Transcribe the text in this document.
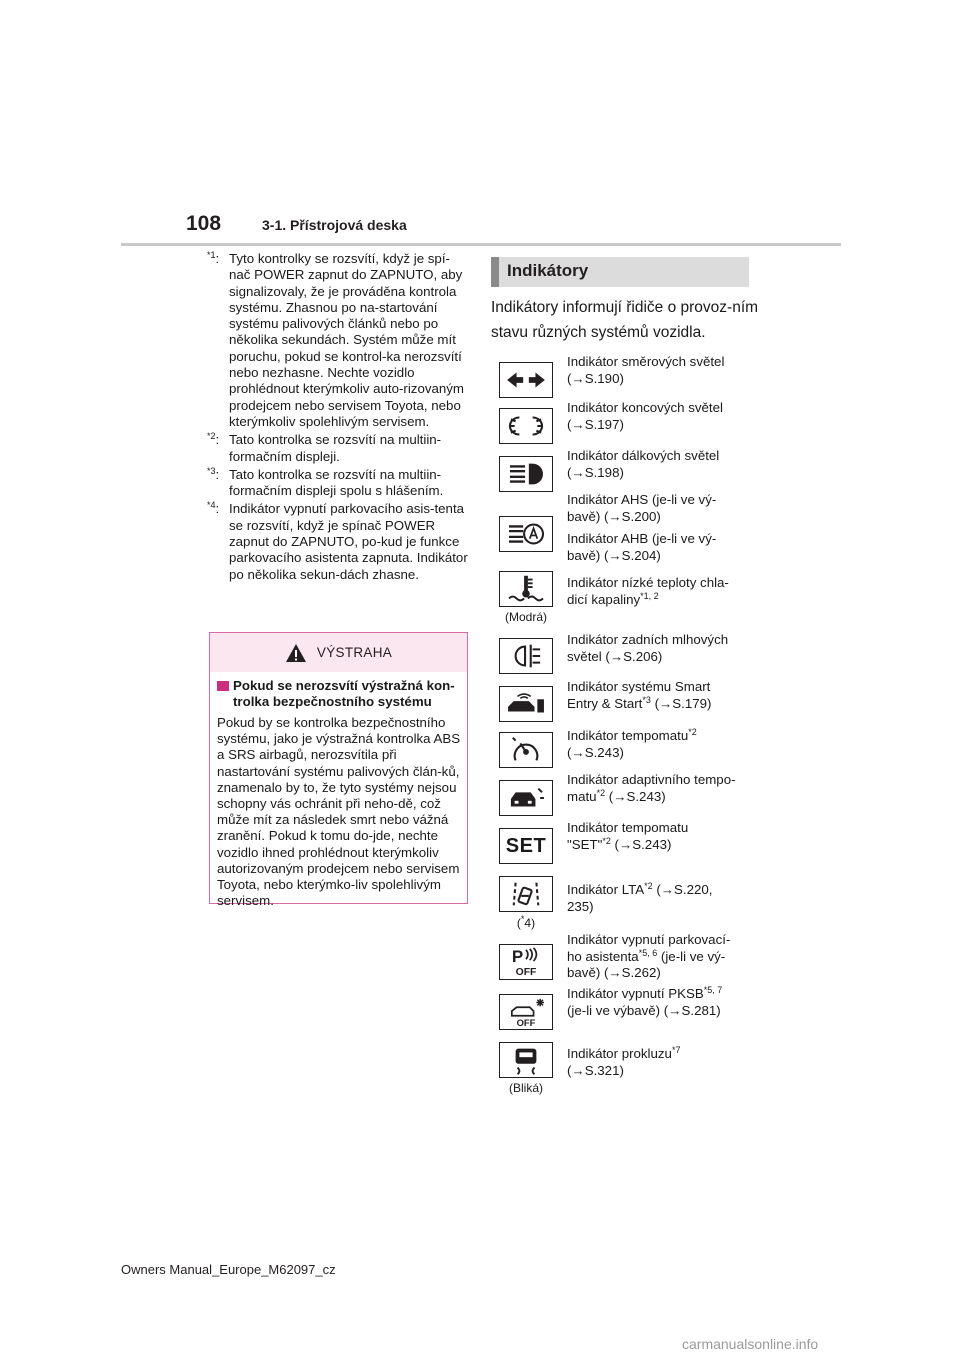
108	3-1. Přístrojová deska
$^{*1}$: Tyto kontrolky se rozsvítí, když je spí-nač POWER zapnut do ZAPNUTO, aby signalizovaly, že je prováděna kontrola systému. Zhasnou po na-startování systému palivových článků nebo po několika sekundách. Systém může mít poruchu, pokud se kontrol-ka nerozsvítí nebo nezhasne. Nechte vozidlo prohlédnout kterýmkoliv auto-rizovaným prodejcem nebo servisem Toyota, nebo kterýmkoliv spolehlivým servisem.
$^{*2}$: Tato kontrolka se rozsvítí na multiin-formačním displeji.
$^{*3}$: Tato kontrolka se rozsvítí na multiin-formačním displeji spolu s hlášením.
$^{*4}$: Indikátor vypnutí parkovacího asis-tenta se rozsvítí, když je spínač POWER zapnut do ZAPNUTO, po-kud je funkce parkovacího asistenta zapnuta. Indikátor po několika sekun-dách zhasne.
VÝSTRAHA
Pokud se nerozsvítí výstražná kon-trolka bezpečnostního systému
Pokud by se kontrolka bezpečnostního systému, jako je výstražná kontrolka ABS a SRS airbagů, nerozsvítila při nastartování systému palivových člán-ků, znamenalo by to, že tyto systémy nejsou schopny vás ochránit při neho-dě, což může mít za následek smrt nebo vážná zranění. Pokud k tomu do-jde, nechte vozidlo ihned prohlédnout kterýmkoliv autorizovaným prodejcem nebo servisem Toyota, nebo kterýmko-liv spolehlivým servisem.
Indikátory
Indikátory informují řidiče o provoz-ním stavu různých systémů vozidla.
Indikátor směrových světel
(→S.190)
Indikátor koncových světel
(→S.197)
Indikátor dálkových světel
(→S.198)
Indikátor AHS (je-li ve vý-
bavě) (→S.200)
Indikátor AHB (je-li ve vý-
bavě) (→S.204)
(Modrá)
Indikátor nízké teploty chla-
dicí kapaliny$^{*1, 2}$
Indikátor zadních mlhových
světel (→S.206)
Indikátor systému Smart
Entry & Start$^{*3}$ (→S.179)
Indikátor tempomatu$^{*2}$
(→S.243)
Indikátor adaptivního tempo-
matu$^{*2}$ (→S.243)
SET
Indikátor tempomatu
"SET"$^{*2}$ (→S.243)
(*4)
Indikátor LTA$^{*2}$ (→S.220,
235)
P
OFF
Indikátor vypnutí parkovací-
ho asistenta$^{*5, 6}$ (je-li ve vý-
bavě) (→S.262)
OFF
Indikátor vypnutí PKSB$^{*5, 7}$
(je-li ve výbavě) (→S.281)
(Bliká)
Indikátor prokluzu$^{*7}$
(→S.321)
Owners Manual_Europe_M62097_cz
carmanualsonline.info
